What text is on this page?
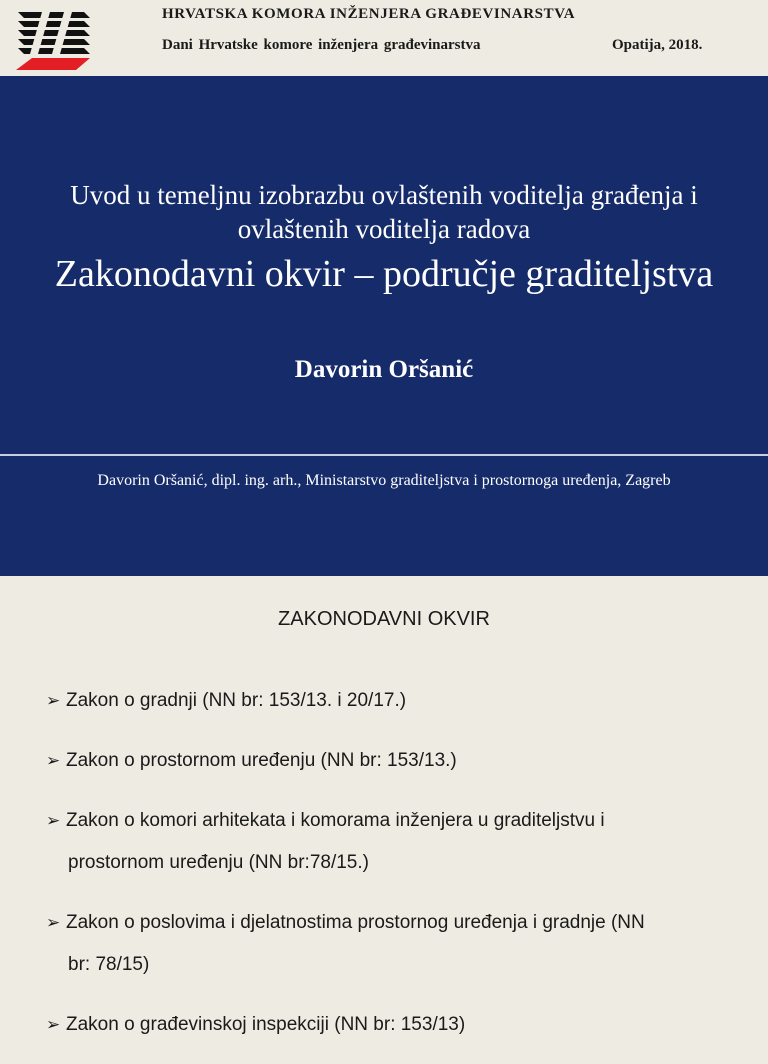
HRVATSKA KOMORA INŽENJERA GRAĐEVINARSTVA
Dani Hrvatske komore inženjera građevinarstva	Opatija, 2018.
Uvod u temeljnu izobrazbu ovlaštenih voditelja građenja i
ovlaštenih voditelja radova
Zakonodavni okvir – područje graditeljstva
Davorin Oršanić
Davorin Oršanić, dipl. ing. arh., Ministarstvo graditeljstva i prostornoga uređenja, Zagreb
ZAKONODAVNI OKVIR
➢ Zakon o gradnji (NN br: 153/13. i 20/17.)
➢ Zakon o prostornom uređenju (NN br: 153/13.)
➢ Zakon o komori arhitekata i komorama inženjera u graditeljstvu i
prostornom uređenju (NN br:78/15.)
➢ Zakon o poslovima i djelatnostima prostornog uređenja i gradnje (NN
br: 78/15)
➢ Zakon o građevinskoj inspekciji (NN br: 153/13)
